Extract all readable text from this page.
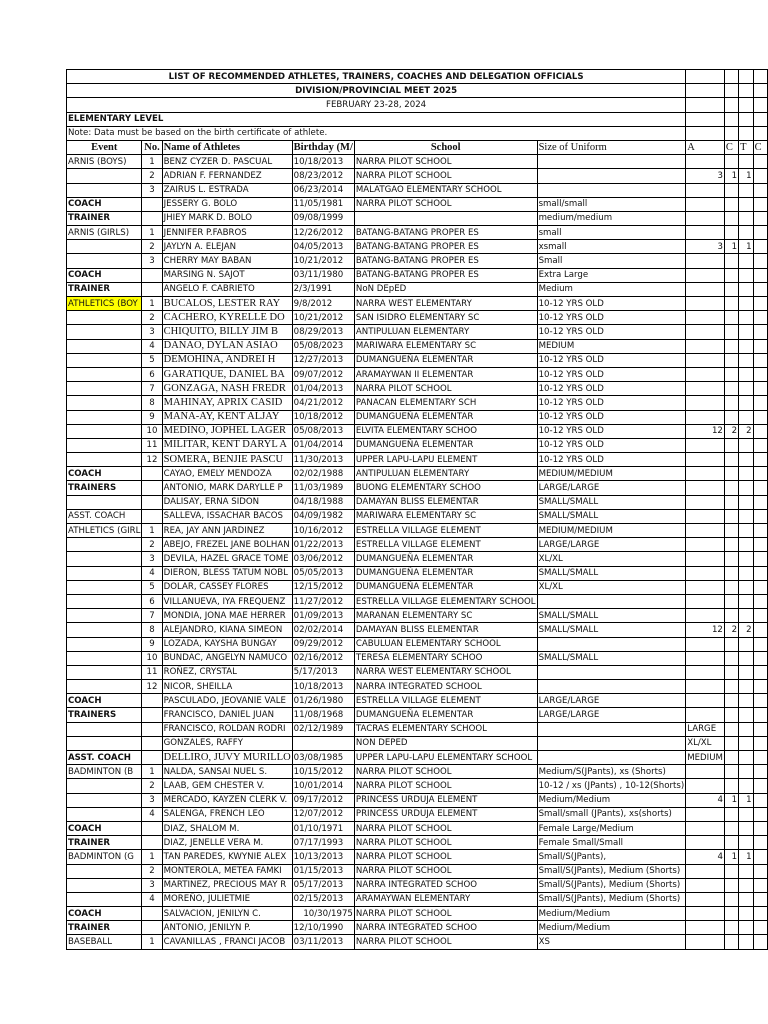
LIST OF RECOMMENDED ATHLETES, TRAINERS, COACHES AND DELEGATION OFFICIALS									
DIVISION/PROVINCIAL MEET 2025									
FEBRUARY 23-28, 2024									
ELEMENTARY LEVEL									
Note: Data must be based on the birth certificate of athlete.									
Event	No.	Name of Athletes	Birthday (M/	School	Size of Uniform	A	C	T	C
ARNIS (BOYS)	1	BENZ CYZER D. PASCUAL	10/18/2013	NARRA PILOT SCHOOL					
	2	ADRIAN F. FERNANDEZ	08/23/2012	NARRA PILOT SCHOOL		3	1	1	
	3	ZAIRUS L. ESTRADA	06/23/2014	MALATGAO ELEMENTARY SCHOOL					
COACH		JESSERY G. BOLO	11/05/1981	NARRA PILOT SCHOOL	small/small				
TRAINER		JHIEY MARK D. BOLO	09/08/1999		medium/medium				
ARNIS (GIRLS)	1	JENNIFER P.FABROS	12/26/2012	BATANG-BATANG PROPER ES	small				
	2	JAYLYN A. ELEJAN	04/05/2013	BATANG-BATANG PROPER ES	xsmall	3	1	1	
	3	CHERRY MAY BABAN	10/21/2012	BATANG-BATANG PROPER ES	Small				
COACH		MARSING N. SAJOT	03/11/1980	BATANG-BATANG PROPER ES	Extra Large				
TRAINER		ANGELO F. CABRIETO	2/3/1991	NoN DEpED	Medium				
ATHLETICS (BOY	1	BUCALOS, LESTER RAY	9/8/2012	NARRA WEST ELEMENTARY	10-12 YRS OLD				
	2	CACHERO, KYRELLE DO	10/21/2012	SAN ISIDRO ELEMENTARY SC	10-12 YRS OLD				
	3	CHIQUITO, BILLY JIM B	08/29/2013	ANTIPULUAN ELEMENTARY	10-12 YRS OLD				
	4	DANAO, DYLAN ASIAO	05/08/2023	MARIWARA ELEMENTARY SC	MEDIUM				
	5	DEMOHINA, ANDREI H	12/27/2013	DUMANGUEÑA ELEMENTAR	10-12 YRS OLD				
	6	GARATIQUE, DANIEL BA	09/07/2012	ARAMAYWAN II ELEMENTAR	10-12 YRS OLD				
	7	GONZAGA, NASH FREDR	01/04/2013	NARRA PILOT SCHOOL	10-12 YRS OLD				
	8	MAHINAY, APRIX CASID	04/21/2012	PANACAN ELEMENTARY SCH	10-12 YRS OLD				
	9	MANA-AY, KENT ALJAY	10/18/2012	DUMANGUEÑA ELEMENTAR	10-12 YRS OLD				
	10	MEDINO, JOPHEL LAGER	05/08/2013	ELVITA ELEMENTARY SCHOO	10-12 YRS OLD	12	2	2	
	11	MILITAR, KENT DARYL A	01/04/2014	DUMANGUEÑA ELEMENTAR	10-12 YRS OLD				
	12	SOMERA, BENJIE PASCU	11/30/2013	UPPER LAPU-LAPU ELEMENT	10-12 YRS OLD				
COACH		CAYAO, EMELY MENDOZA	02/02/1988	ANTIPULUAN ELEMENTARY	MEDIUM/MEDIUM				
TRAINERS		ANTONIO, MARK DARYLLE P	11/03/1989	BUONG ELEMENTARY SCHOO	LARGE/LARGE				
		DALISAY, ERNA SIDON	04/18/1988	DAMAYAN BLISS ELEMENTAR	SMALL/SMALL				
ASST. COACH		SALLEVA, ISSACHAR BACOS	04/09/1982	MARIWARA ELEMENTARY SC	SMALL/SMALL				
ATHLETICS (GIRL	1	REA, JAY ANN JARDINEZ	10/16/2012	ESTRELLA VILLAGE ELEMENT	MEDIUM/MEDIUM				
	2	ABEJO, FREZEL JANE BOLHAN	01/22/2013	ESTRELLA VILLAGE ELEMENT	LARGE/LARGE				
	3	DEVILA, HAZEL GRACE TOME	03/06/2012	DUMANGUEÑA ELEMENTAR	XL/XL				
	4	DIERON, BLESS TATUM NOBL	05/05/2013	DUMANGUEÑA ELEMENTAR	SMALL/SMALL				
	5	DOLAR, CASSEY FLORES	12/15/2012	DUMANGUEÑA ELEMENTAR	XL/XL				
	6	VILLANUEVA, IYA FREQUENZ	11/27/2012	ESTRELLA VILLAGE ELEMENTARY SCHOOL					
	7	MONDIA, JONA MAE HERRER	01/09/2013	MARANAN ELEMENTARY SC	SMALL/SMALL				
	8	ALEJANDRO, KIANA SIMEON	02/02/2014	DAMAYAN BLISS ELEMENTAR	SMALL/SMALL	12	2	2	
	9	LOZADA, KAYSHA BUNGAY	09/29/2012	CABULUAN ELEMENTARY SCHOOL					
	10	BUNDAC, ANGELYN NAMUCO	02/16/2012	TERESA ELEMENTARY SCHOO	SMALL/SMALL				
	11	ROÑEZ, CRYSTAL	5/17/2013	NARRA WEST ELEMENTARY SCHOOL					
	12	NICOR, SHEILLA	10/18/2013	NARRA INTEGRATED SCHOOL					
COACH		PASCULADO, JEOVANIE VALE	01/26/1980	ESTRELLA VILLAGE ELEMENT	LARGE/LARGE				
TRAINERS		FRANCISCO, DANIEL JUAN	11/08/1968	DUMANGUEÑA ELEMENTAR	LARGE/LARGE				
		FRANCISCO, ROLDAN RODRI	02/12/1989	TACRAS ELEMENTARY SCHOOL		LARGE			
		GONZALES, RAFFY		NON DEPED		XL/XL			
ASST. COACH		DELLIRO, JUVY MURILLO	03/08/1985	UPPER LAPU-LAPU ELEMENTARY SCHOOL		MEDIUM			
BADMINTON (B	1	NALDA, SANSAI NUEL S.	10/15/2012	NARRA PILOT SCHOOL	Medium/S(JPants), xs (Shorts)				
	2	LAAB, GEM CHESTER V.	10/01/2014	NARRA PILOT SCHOOL	10-12 / xs (JPants) , 10-12(Shorts)				
	3	MERCADO, KAYZEN CLERK V.	09/17/2012	PRINCESS URDUJA ELEMENT	Medium/Medium	4	1	1	
	4	SALENGA, FRENCH LEO	12/07/2012	PRINCESS URDUJA ELEMENT	Small/small (JPants), xs(shorts)				
COACH		DIAZ, SHALOM M.	01/10/1971	NARRA PILOT SCHOOL	Female Large/Medium				
TRAINER		DIAZ, JENELLE VERA M.	07/17/1993	NARRA PILOT SCHOOL	Female Small/Small				
BADMINTON (G	1	TAN PAREDES, KWYNIE ALEX	10/13/2013	NARRA PILOT SCHOOL	Small/S(JPants),	4	1	1	
	2	MONTEROLA, METEA FAMKI	01/15/2013	NARRA PILOT SCHOOL	Small/S(JPants), Medium (Shorts)				
	3	MARTINEZ, PRECIOUS MAY R	05/17/2013	NARRA INTEGRATED SCHOO	Small/S(JPants), Medium (Shorts)				
	4	MOREÑO, JULIETMIE	02/15/2013	ARAMAYWAN ELEMENTARY	Small/S(JPants), Medium (Shorts)				
COACH		SALVACION, JENILYN C.	10/30/1975	NARRA PILOT SCHOOL	Medium/Medium				
TRAINER		ANTONIO, JENILYN P.	12/10/1990	NARRA INTEGRATED SCHOO	Medium/Medium				
BASEBALL	1	CAVANILLAS , FRANCI JACOB	03/11/2013	NARRA PILOT SCHOOL	XS				
